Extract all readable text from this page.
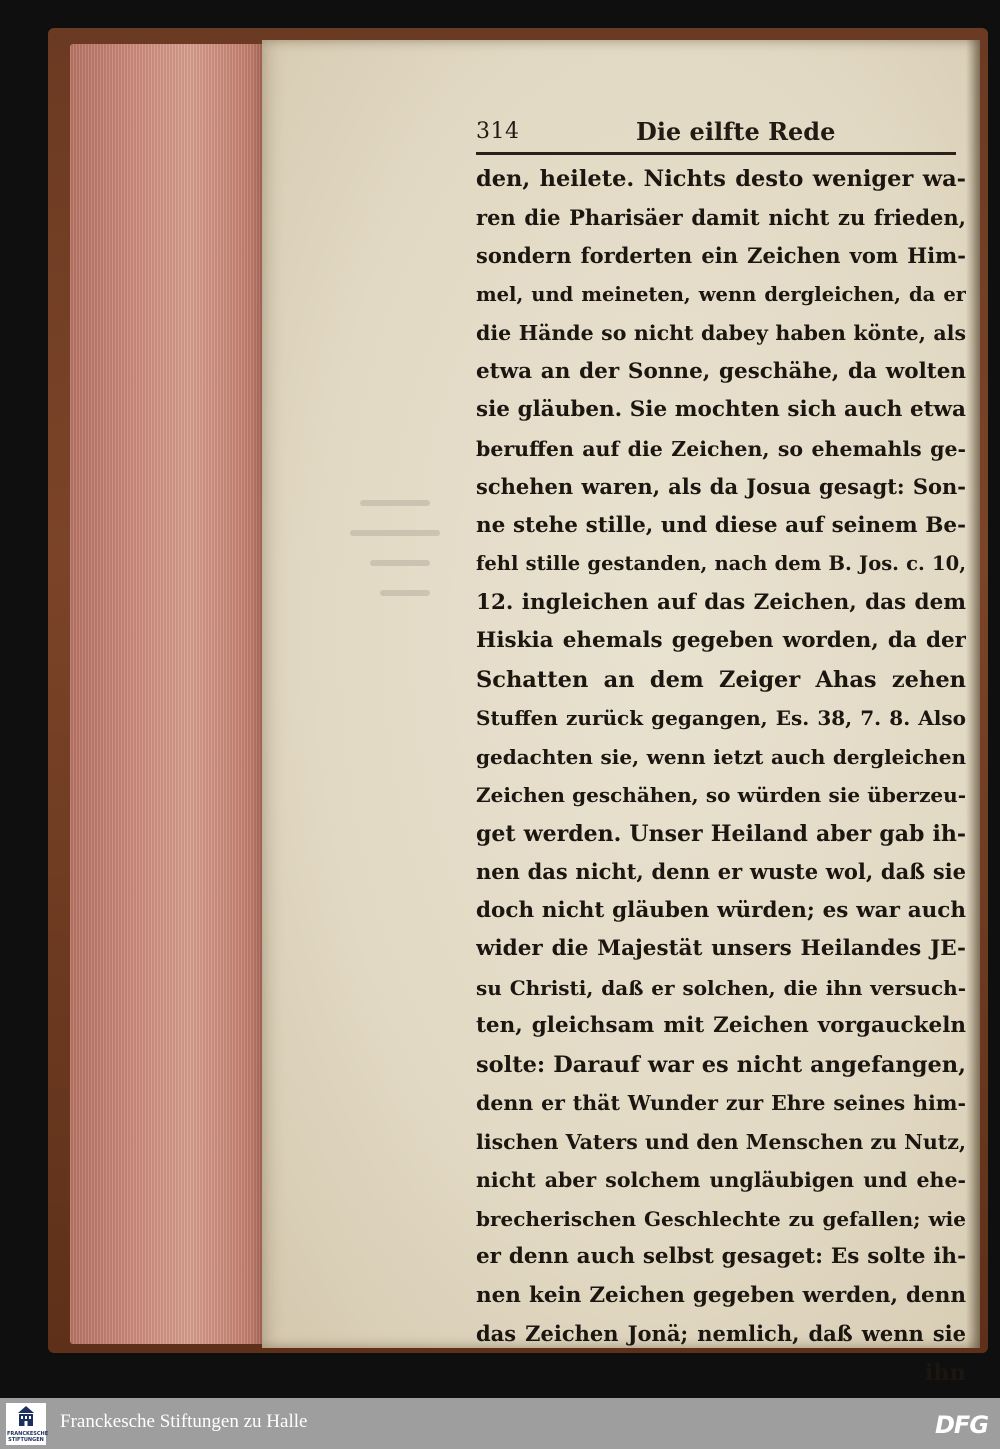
314	Die eilfte Rede
den, heilete. Nichts desto weniger wa-
ren die Pharisäer damit nicht zu frieden,
sondern forderten ein Zeichen vom Him-
mel, und meineten, wenn dergleichen, da er
die Hände so nicht dabey haben könte, als
etwa an der Sonne, geschähe, da wolten
sie gläuben. Sie mochten sich auch etwa
beruffen auf die Zeichen, so ehemahls ge-
schehen waren, als da Josua gesagt: Son-
ne stehe stille, und diese auf seinem Be-
fehl stille gestanden, nach dem B. Jos. c. 10,
12. ingleichen auf das Zeichen, das dem
Hiskia ehemals gegeben worden, da der
Schatten an dem Zeiger Ahas zehen
Stuffen zurück gegangen, Es. 38, 7. 8. Also
gedachten sie, wenn ietzt auch dergleichen
Zeichen geschähen, so würden sie überzeu-
get werden. Unser Heiland aber gab ih-
nen das nicht, denn er wuste wol, daß sie
doch nicht gläuben würden; es war auch
wider die Majestät unsers Heilandes JE-
su Christi, daß er solchen, die ihn versuch-
ten, gleichsam mit Zeichen vorgauckeln
solte: Darauf war es nicht angefangen,
denn er thät Wunder zur Ehre seines him-
lischen Vaters und den Menschen zu Nutz,
nicht aber solchem ungläubigen und ehe-
brecherischen Geschlechte zu gefallen; wie
er denn auch selbst gesaget: Es solte ih-
nen kein Zeichen gegeben werden, denn
das Zeichen Jonä; nemlich, daß wenn sie
ihn
FRANCKESCHE STIFTUNGEN
Franckesche Stiftungen zu Halle	DFG
